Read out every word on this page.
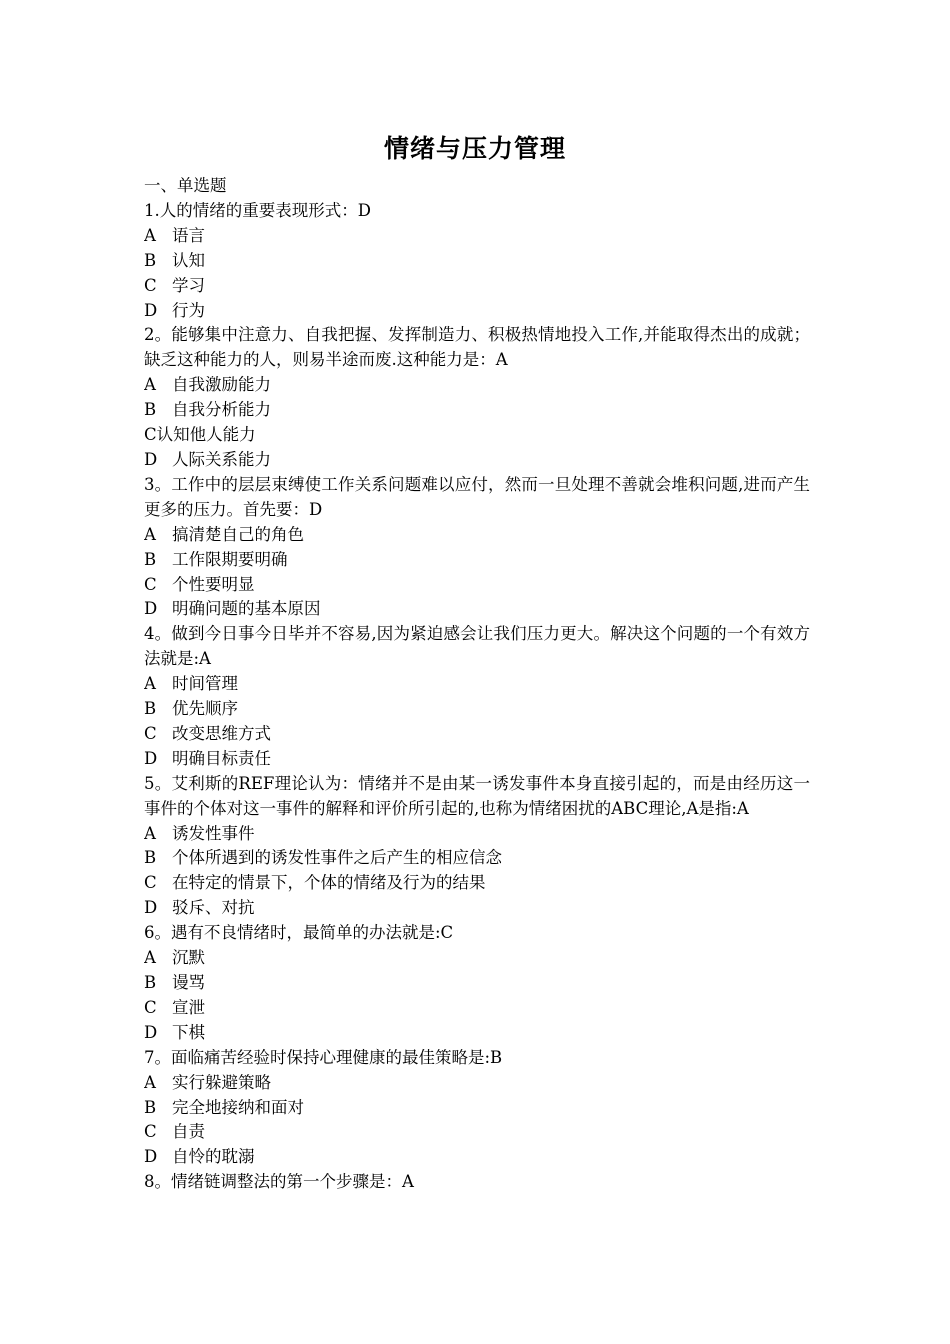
情绪与压力管理
一、单选题
1.人的情绪的重要表现形式：D
A 语言
B 认知
C 学习
D 行为
2。能够集中注意力、自我把握、发挥制造力、积极热情地投入工作,并能取得杰出的成就；缺乏这种能力的人，则易半途而废.这种能力是：A
A 自我激励能力
B 自我分析能力
C认知他人能力
D 人际关系能力
3。工作中的层层束缚使工作关系问题难以应付，然而一旦处理不善就会堆积问题,进而产生更多的压力。首先要：D
A 搞清楚自己的角色
B 工作限期要明确
C 个性要明显
D 明确问题的基本原因
4。做到今日事今日毕并不容易,因为紧迫感会让我们压力更大。解决这个问题的一个有效方法就是:A
A 时间管理
B 优先顺序
C 改变思维方式
D 明确目标责任
5。艾利斯的REF理论认为：情绪并不是由某一诱发事件本身直接引起的，而是由经历这一事件的个体对这一事件的解释和评价所引起的,也称为情绪困扰的ABC理论,A是指:A
A 诱发性事件
B 个体所遇到的诱发性事件之后产生的相应信念
C 在特定的情景下，个体的情绪及行为的结果
D 驳斥、对抗
6。遇有不良情绪时，最简单的办法就是:C
A 沉默
B 谩骂
C 宣泄
D 下棋
7。面临痛苦经验时保持心理健康的最佳策略是:B
A 实行躲避策略
B 完全地接纳和面对
C 自责
D 自怜的耽溺
8。情绪链调整法的第一个步骤是：A
